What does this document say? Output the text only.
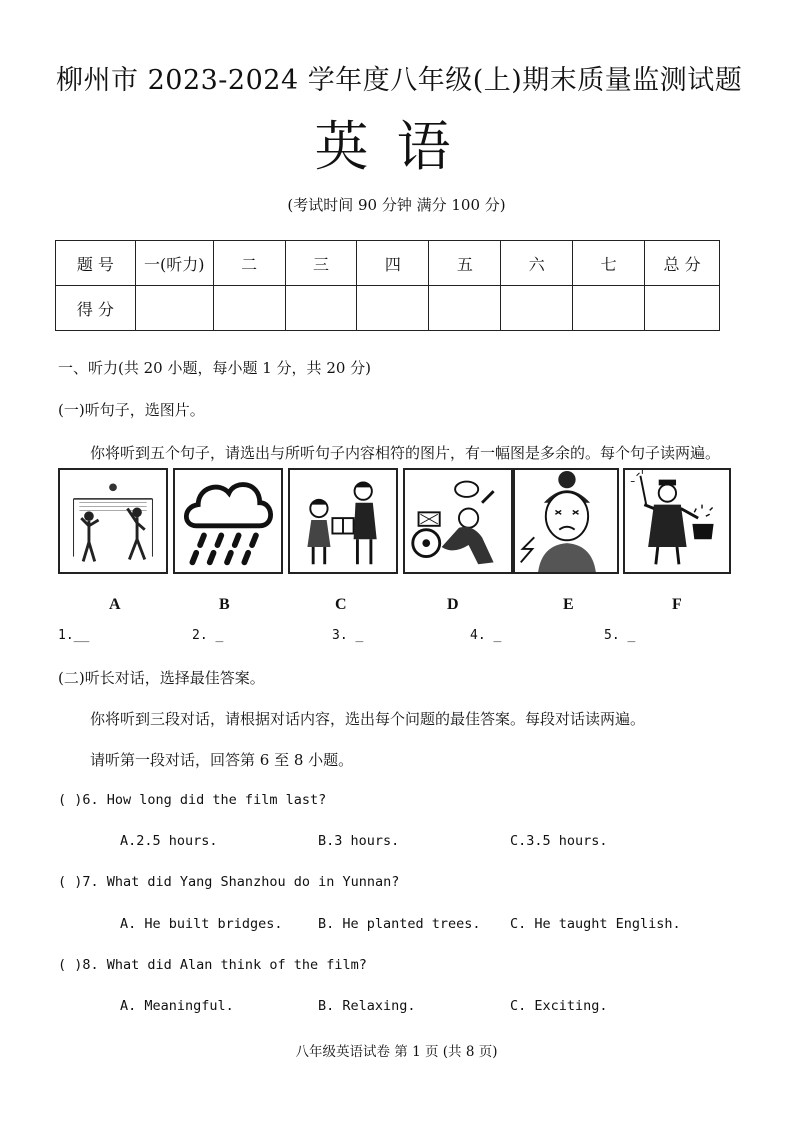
柳州市 2023-2024 学年度八年级(上)期末质量监测试题
英语
(考试时间 90 分钟 满分 100 分)
题 号	一(听力)	二	三	四	五	六	七	总 分
得 分								
一、听力(共 20 小题，每小题 1 分，共 20 分)
(一)听句子，选图片。
你将听到五个句子，请选出与所听句子内容相符的图片，有一幅图是多余的。每个句子读两遍。
A	B	C	D	E	F
1.__	2. _	3. _	4. _	5. _
(二)听长对话，选择最佳答案。
你将听到三段对话，请根据对话内容，选出每个问题的最佳答案。每段对话读两遍。
请听第一段对话，回答第 6 至 8 小题。
( )6. How long did the film last?
A.2.5 hours.	B.3 hours.	C.3.5 hours.
( )7. What did Yang Shanzhou do in Yunnan?
A. He built bridges.	B. He planted trees. C. He taught English.
( )8. What did Alan think of the film?
A. Meaningful.	B. Relaxing.	C. Exciting.
八年级英语试卷 第 1 页 (共 8 页)
